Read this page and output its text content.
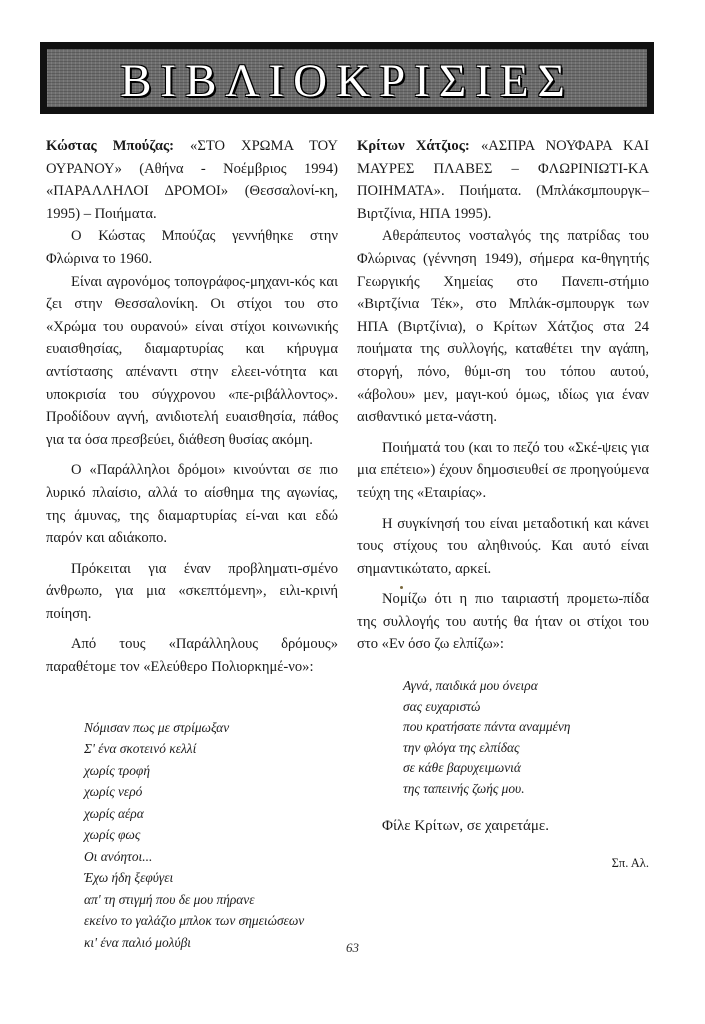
ΒΙΒΛΙΟΚΡΙΣΙΕΣ

Κώστας Μπούζας: «ΣΤΟ ΧΡΩΜΑ ΤΟΥ ΟΥΡΑΝΟΥ» (Αθήνα - Νοέμβριος 1994) «ΠΑΡΑΛΛΗΛΟΙ ΔΡΟΜΟΙ» (Θεσσαλονί-κη, 1995) – Ποιήματα.

Ο Κώστας Μπούζας γεννήθηκε στην Φλώρινα το 1960.

Είναι αγρονόμος τοπογράφος-μηχανι-κός και ζει στην Θεσσαλονίκη. Οι στίχοι του στο «Χρώμα του ουρανού» είναι στίχοι κοινωνικής ευαισθησίας, διαμαρτυρίας και κήρυγμα αντίστασης απέναντι στην ελεει-νότητα και υποκρισία του σύγχρονου «πε-ριβάλλοντος». Προδίδουν αγνή, ανιδιοτελή ευαισθησία, πάθος για τα όσα πρεσβεύει, διάθεση θυσίας ακόμη.

Ο «Παράλληλοι δρόμοι» κινούνται σε πιο λυρικό πλαίσιο, αλλά το αίσθημα της αγωνίας, της άμυνας, της διαμαρτυρίας εί-ναι και εδώ παρόν και αδιάκοπο.

Πρόκειται για έναν προβληματι-σμένο άνθρωπο, για μια «σκεπτόμενη», ειλι-κρινή ποίηση.

Από τους «Παράλληλους δρόμους» παραθέτομε τον «Ελεύθερο Πολιορκημέ-νο»:

Νόμισαν πως με στρίμωξαν
Σ' ένα σκοτεινό κελλί
χωρίς τροφή
χωρίς νερό
χωρίς αέρα
χωρίς φως
Οι ανόητοι...
Έχω ήδη ξεφύγει
απ' τη στιγμή που δε μου πήρανε
εκείνο το γαλάζιο μπλοκ των σημειώσεων
κι' ένα παλιό μολύβι

Κρίτων Χάτζιος: «ΑΣΠΡΑ ΝΟΥΦΑΡΑ ΚΑΙ ΜΑΥΡΕΣ ΠΛΑΒΕΣ – ΦΛΩΡΙΝΙΩΤΙ-ΚΑ ΠΟΙΗΜΑΤΑ». Ποιήματα. (Μπλάκσμπουργκ–Βιρτζίνια, ΗΠΑ 1995).

Αθεράπευτος νοσταλγός της πατρίδας του Φλώρινας (γέννηση 1949), σήμερα κα-θηγητής Γεωργικής Χημείας στο Πανεπι-στήμιο «Βιρτζίνια Τέκ», στο Μπλάκ-σμπουργκ των ΗΠΑ (Βιρτζίνια), ο Κρίτων Χάτζιος στα 24 ποιήματα της συλλογής, καταθέτει την αγάπη, στοργή, πόνο, θύμι-ση του τόπου αυτού, «άβολου» μεν, μαγι-κού όμως, ιδίως για έναν αισθαντικό μετα-νάστη.

Ποιήματά του (και το πεζό του «Σκέ-ψεις για μια επέτειο») έχουν δημοσιευθεί σε προηγούμενα τεύχη της «Εταιρίας».

Η συγκίνησή του είναι μεταδοτική και κάνει τους στίχους του αληθινούς. Και αυτό είναι σημαντικώτατο, αρκεί.

Νομίζω ότι η πιο ταιριαστή προμετω-πίδα της συλλογής του αυτής θα ήταν οι στίχοι του στο «Εν όσο ζω ελπίζω»:

Αγνά, παιδικά μου όνειρα
σας ευχαριστώ
που κρατήσατε πάντα αναμμένη
την φλόγα της ελπίδας
σε κάθε βαρυχειμωνιά
της ταπεινής ζωής μου.

Φίλε Κρίτων, σε χαιρετάμε.

Σπ. Αλ.

63
